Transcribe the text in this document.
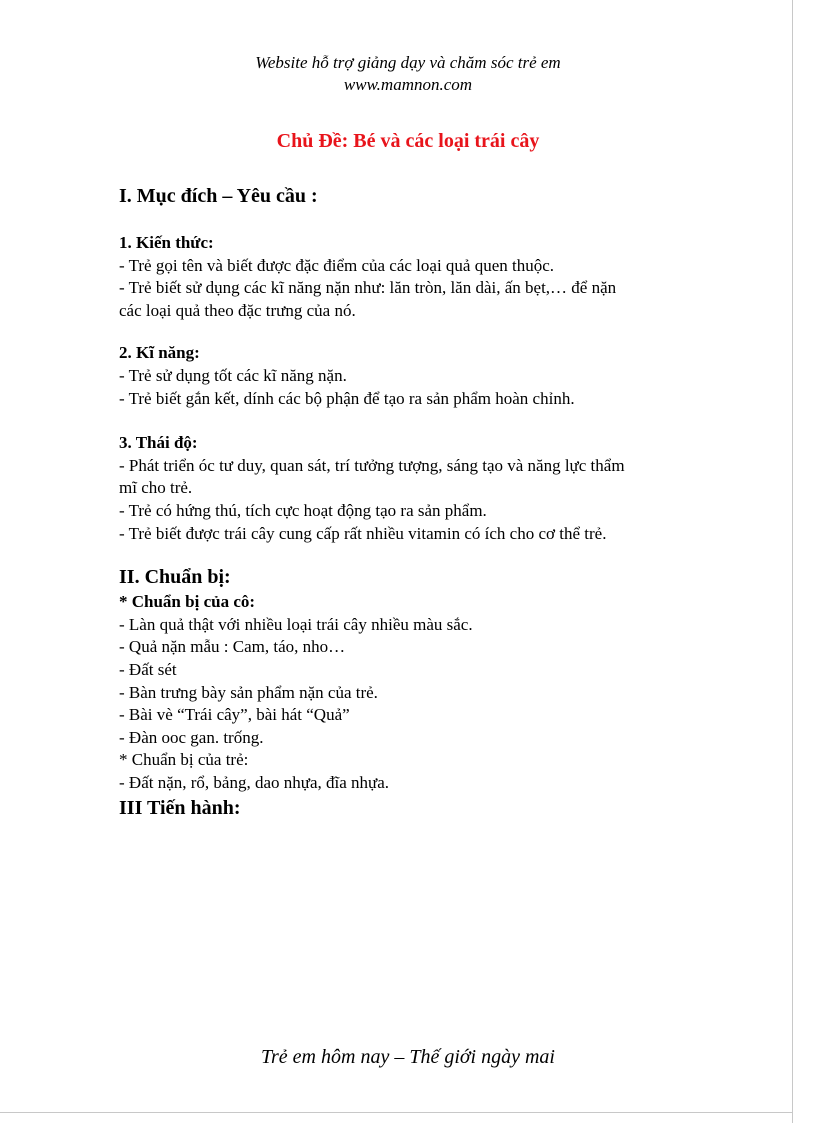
Website hỗ trợ giảng dạy và chăm sóc trẻ em
www.mamnon.com
Chủ Đề: Bé và các loại trái cây

I. Mục đích – Yêu cầu :

1. Kiến thức:

- Trẻ gọi tên và biết được đặc điểm của các loại quả quen thuộc.

- Trẻ biết sử dụng các kĩ năng nặn như: lăn tròn, lăn dài, ấn bẹt,… để nặn

các loại quả theo đặc trưng của nó.

2. Kĩ năng:

- Trẻ sử dụng tốt các kĩ năng nặn.

- Trẻ biết gắn kết, dính các bộ phận để tạo ra sản phẩm hoàn chỉnh.

3. Thái độ:

- Phát triển óc tư duy, quan sát, trí tưởng tượng, sáng tạo và năng lực thẩm

mĩ cho trẻ.

- Trẻ có hứng thú, tích cực hoạt động tạo ra sản phẩm.

- Trẻ biết được trái cây cung cấp rất nhiều vitamin có ích cho cơ thể trẻ.

II. Chuẩn bị:

* Chuẩn bị của cô:

- Làn quả thật với nhiều loại trái cây nhiều màu sắc.

- Quả nặn mẫu : Cam, táo, nho…

- Đất sét

- Bàn trưng bày sản phẩm nặn của trẻ.

- Bài vè “Trái cây”, bài hát “Quả”

- Đàn ooc gan. trống.

* Chuẩn bị của trẻ:

- Đất nặn, rổ, bảng, dao nhựa, đĩa nhựa.

III Tiến hành:

Trẻ em hôm nay – Thế giới ngày mai
